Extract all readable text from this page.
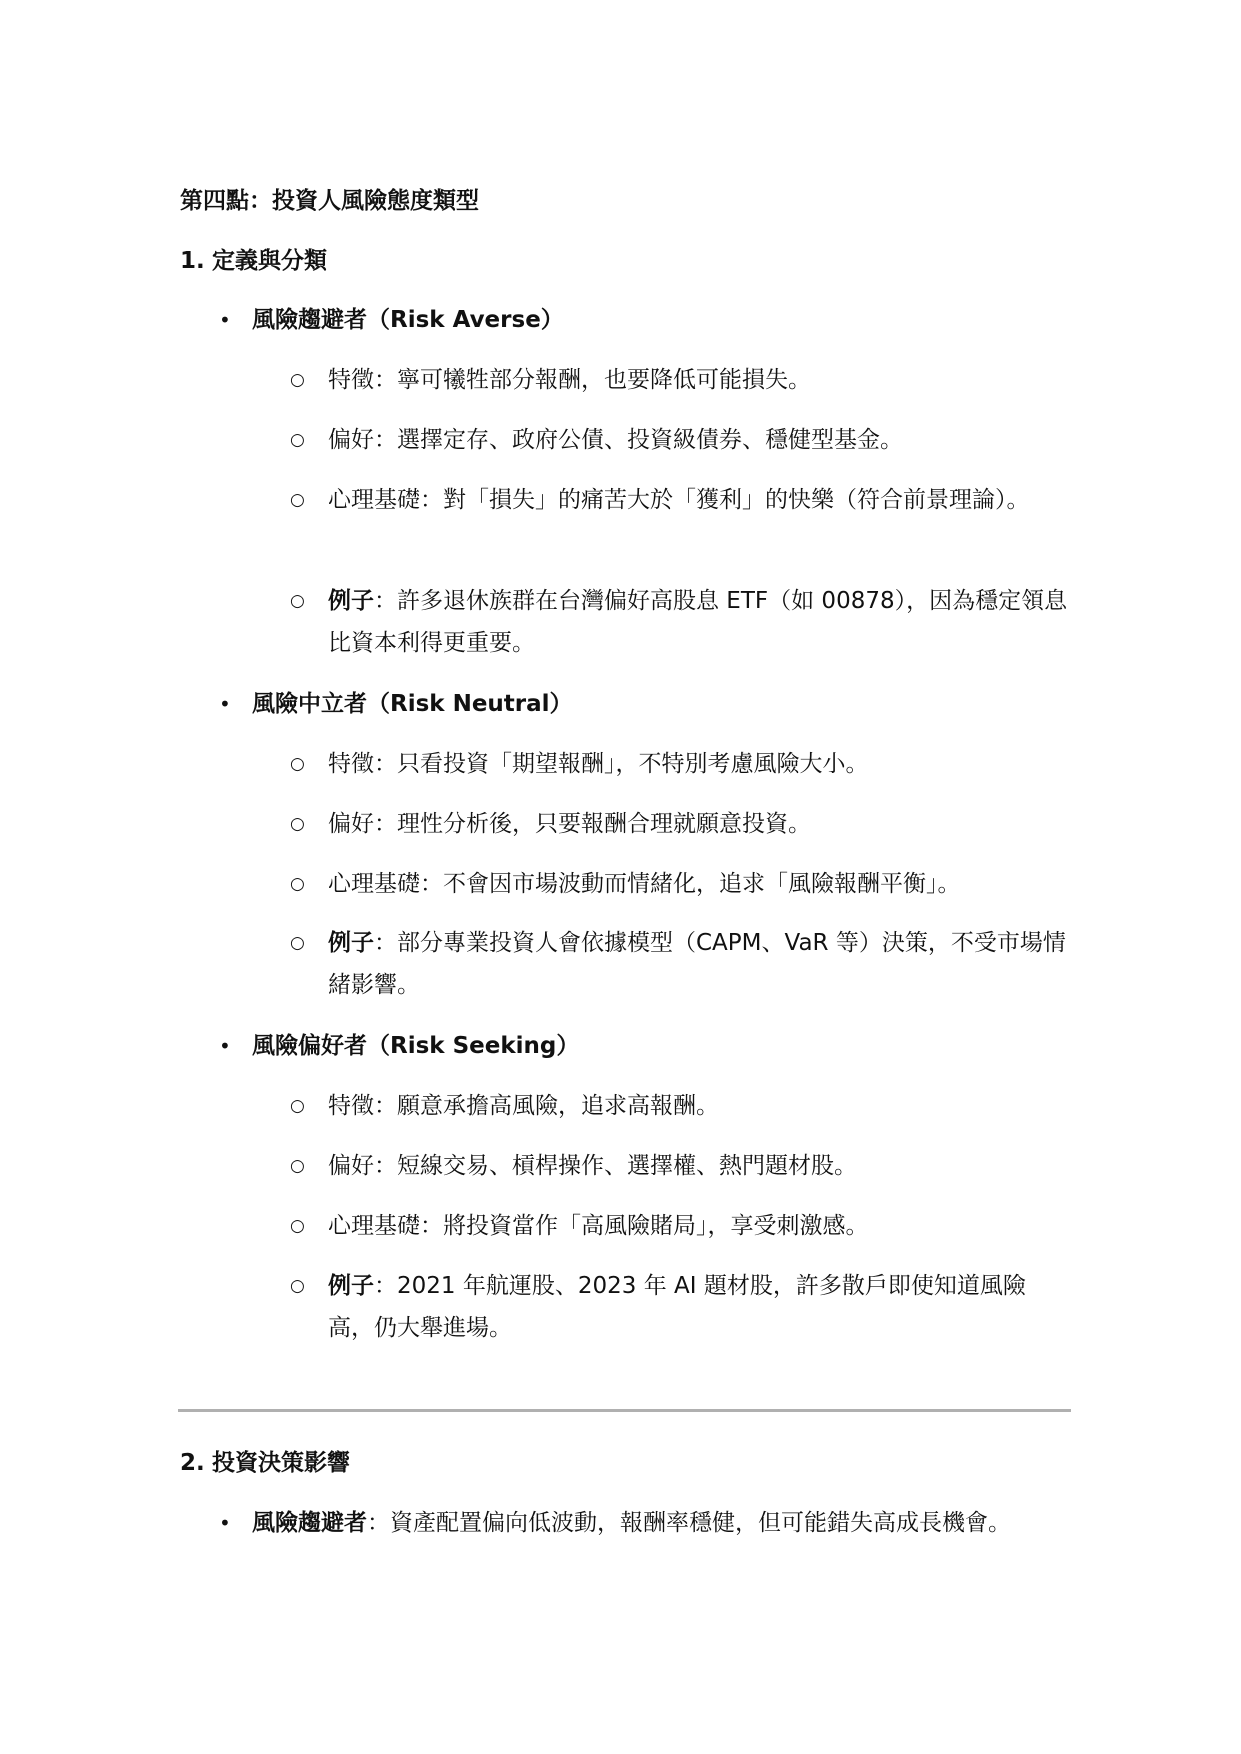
第四點：投資人風險態度類型
1. 定義與分類
• 風險趨避者（Risk Averse）
○ 特徵：寧可犧牲部分報酬，也要降低可能損失。
○ 偏好：選擇定存、政府公債、投資級債券、穩健型基金。
○ 心理基礎：對「損失」的痛苦大於「獲利」的快樂（符合前景理論）。
○ 例子：許多退休族群在台灣偏好高股息 ETF（如 00878），因為穩定領息比資本利得更重要。
• 風險中立者（Risk Neutral）
○ 特徵：只看投資「期望報酬」，不特別考慮風險大小。
○ 偏好：理性分析後，只要報酬合理就願意投資。
○ 心理基礎：不會因市場波動而情緒化，追求「風險報酬平衡」。
○ 例子：部分專業投資人會依據模型（CAPM、VaR 等）決策，不受市場情緒影響。
• 風險偏好者（Risk Seeking）
○ 特徵：願意承擔高風險，追求高報酬。
○ 偏好：短線交易、槓桿操作、選擇權、熱門題材股。
○ 心理基礎：將投資當作「高風險賭局」，享受刺激感。
○ 例子：2021 年航運股、2023 年 AI 題材股，許多散戶即使知道風險高，仍大舉進場。
2. 投資決策影響
• 風險趨避者：資產配置偏向低波動，報酬率穩健，但可能錯失高成長機會。
